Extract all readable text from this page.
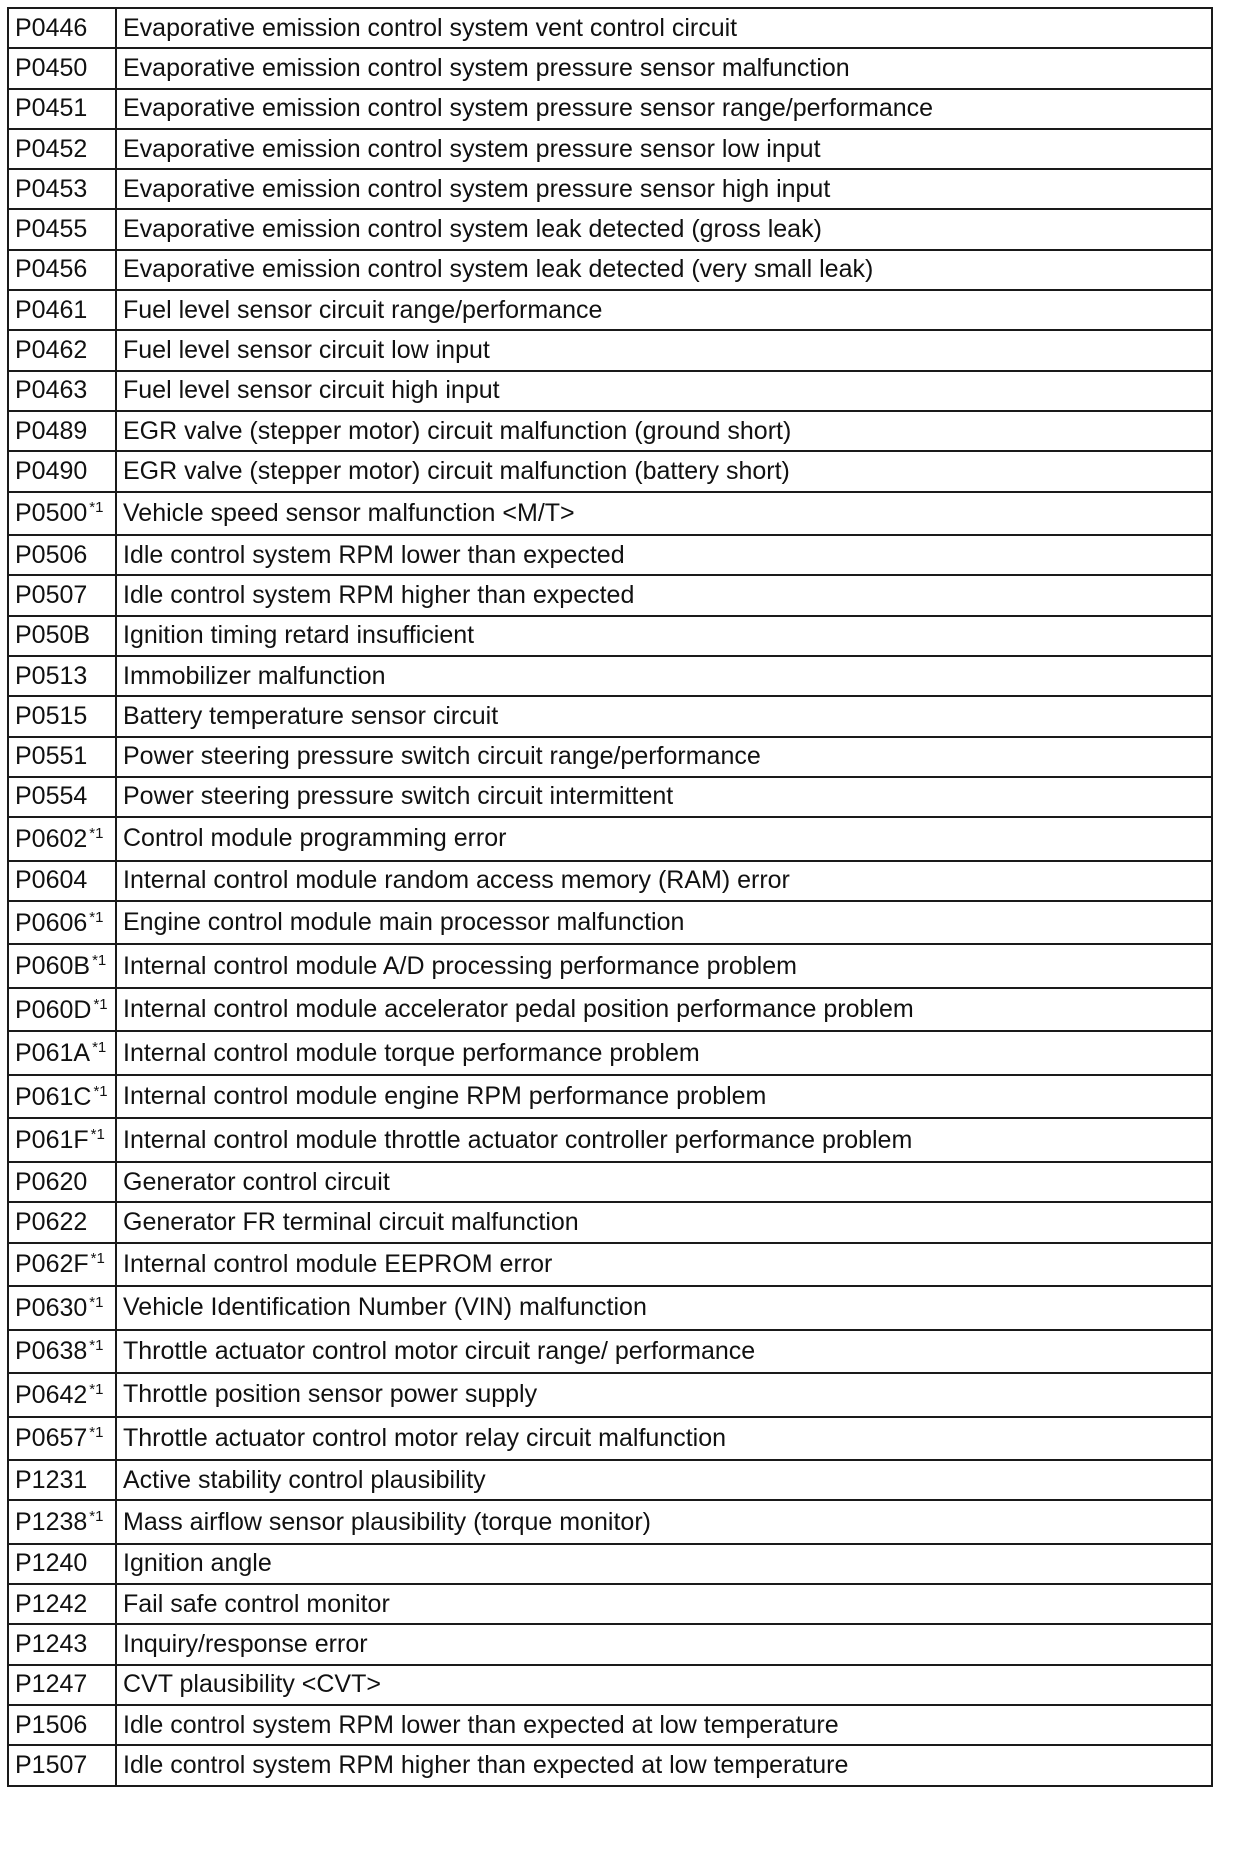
P0446	Evaporative emission control system vent control circuit
P0450	Evaporative emission control system pressure sensor malfunction
P0451	Evaporative emission control system pressure sensor range/performance
P0452	Evaporative emission control system pressure sensor low input
P0453	Evaporative emission control system pressure sensor high input
P0455	Evaporative emission control system leak detected (gross leak)
P0456	Evaporative emission control system leak detected (very small leak)
P0461	Fuel level sensor circuit range/performance
P0462	Fuel level sensor circuit low input
P0463	Fuel level sensor circuit high input
P0489	EGR valve (stepper motor) circuit malfunction (ground short)
P0490	EGR valve (stepper motor) circuit malfunction (battery short)
P0500 $^{*1}$	Vehicle speed sensor malfunction <M/T>
P0506	Idle control system RPM lower than expected
P0507	Idle control system RPM higher than expected
P050B	Ignition timing retard insufficient
P0513	Immobilizer malfunction
P0515	Battery temperature sensor circuit
P0551	Power steering pressure switch circuit range/performance
P0554	Power steering pressure switch circuit intermittent
P0602 $^{*1}$	Control module programming error
P0604	Internal control module random access memory (RAM) error
P0606 $^{*1}$	Engine control module main processor malfunction
P060B $^{*1}$	Internal control module A/D processing performance problem
P060D $^{*1}$	Internal control module accelerator pedal position performance problem
P061A $^{*1}$	Internal control module torque performance problem
P061C $^{*1}$	Internal control module engine RPM performance problem
P061F $^{*1}$	Internal control module throttle actuator controller performance problem
P0620	Generator control circuit
P0622	Generator FR terminal circuit malfunction
P062F $^{*1}$	Internal control module EEPROM error
P0630 $^{*1}$	Vehicle Identification Number (VIN) malfunction
P0638 $^{*1}$	Throttle actuator control motor circuit range/ performance
P0642 $^{*1}$	Throttle position sensor power supply
P0657 $^{*1}$	Throttle actuator control motor relay circuit malfunction
P1231	Active stability control plausibility
P1238 $^{*1}$	Mass airflow sensor plausibility (torque monitor)
P1240	Ignition angle
P1242	Fail safe control monitor
P1243	Inquiry/response error
P1247	CVT plausibility <CVT>
P1506	Idle control system RPM lower than expected at low temperature
P1507	Idle control system RPM higher than expected at low temperature
